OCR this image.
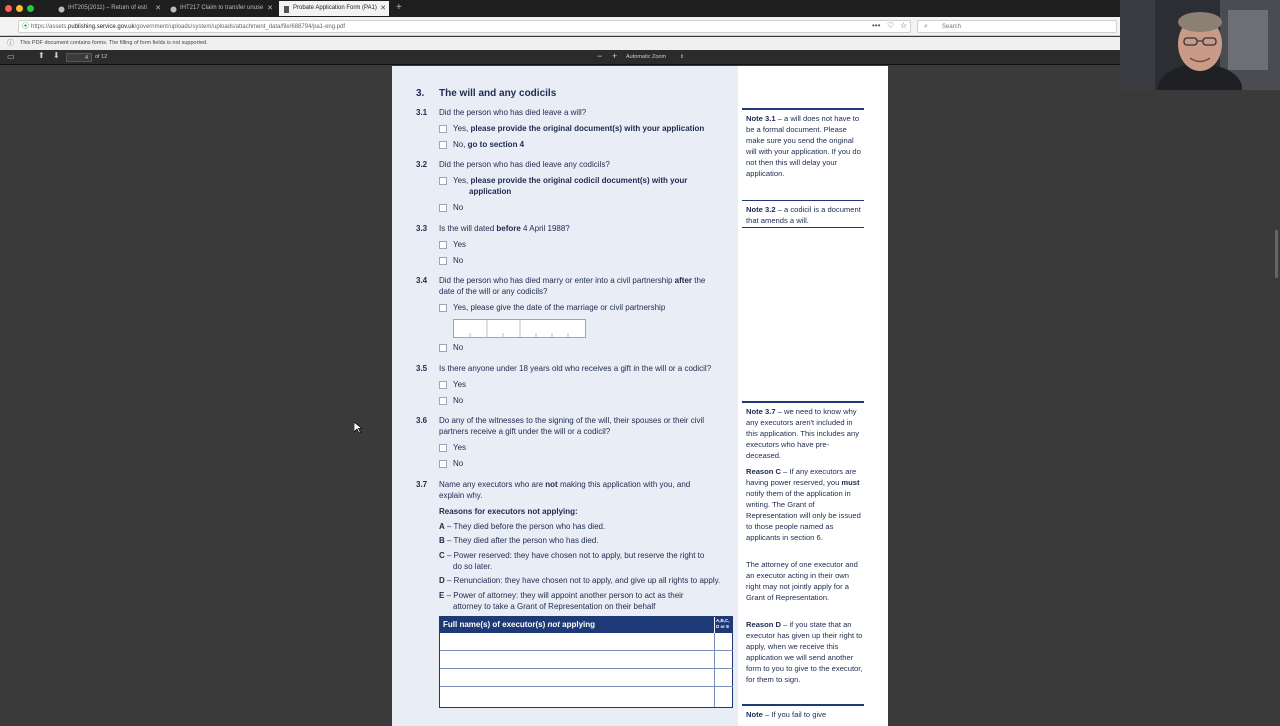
IHT205(2011) – Return of esti ✕	IHT217 Claim to transfer unuse ✕	Probate Application Form (PA1) ✕ +
⦿ https://assets.publishing.service.gov.uk/government/uploads/system/uploads/attachment_data/file/688794/pa1-eng.pdf	••• ♡ ☆ ⌕ Search
ⓘ This PDF document contains forms. The filling of form fields is not supported.
▭	⬆ ⬇	4	of 12	− + Automatic Zoom	⇕
3. The will and any codicils
3.1 Did the person who has died leave a will?
Yes, please provide the original document(s) with your application
No, go to section 4
3.2 Did the person who has died leave any codicils?
Yes, please provide the original codicil document(s) with your
application
No
3.3 Is the will dated before 4 April 1988?
Yes
No
3.4 Did the person who has died marry or enter into a civil partnership after the
date of the will or any codicils?
Yes, please give the date of the marriage or civil partnership
No
3.5 Is there anyone under 18 years old who receives a gift in the will or a codicil?
Yes
No
3.6 Do any of the witnesses to the signing of the will, their spouses or their civil
partners receive a gift under the will or a codicil?
Yes
No
3.7 Name any executors who are not making this application with you, and
explain why.
Reasons for executors not applying:
A – They died before the person who has died.
B – They died after the person who has died.
C – Power reserved: they have chosen not to apply, but reserve the right to
do so later.
D – Renunciation: they have chosen not to apply, and give up all rights to apply.
E – Power of attorney: they will appoint another person to act as their
attorney to take a Grant of Representation on their behalf
Full name(s) of executor(s) not applying	A,B,C,
D or E
Note 3.1 – a will does not have to be a formal document. Please make sure you send the original will with your application. If you do not then this will delay your application.
Note 3.2 – a codicil is a document that amends a will.
Note 3.7 – we need to know why any executors aren't included in this application. This includes any executors who have pre-deceased.
Reason C – If any executors are having power reserved, you must notify them of the application in writing. The Grant of Representation will only be issued to those people named as applicants in section 6.
The attorney of one executor and an executor acting in their own right may not jointly apply for a Grant of Representation.
Reason D – if you state that an executor has given up their right to apply, when we receive this application we will send another form to you to give to the executor, for them to sign.
Note – If you fail to give
